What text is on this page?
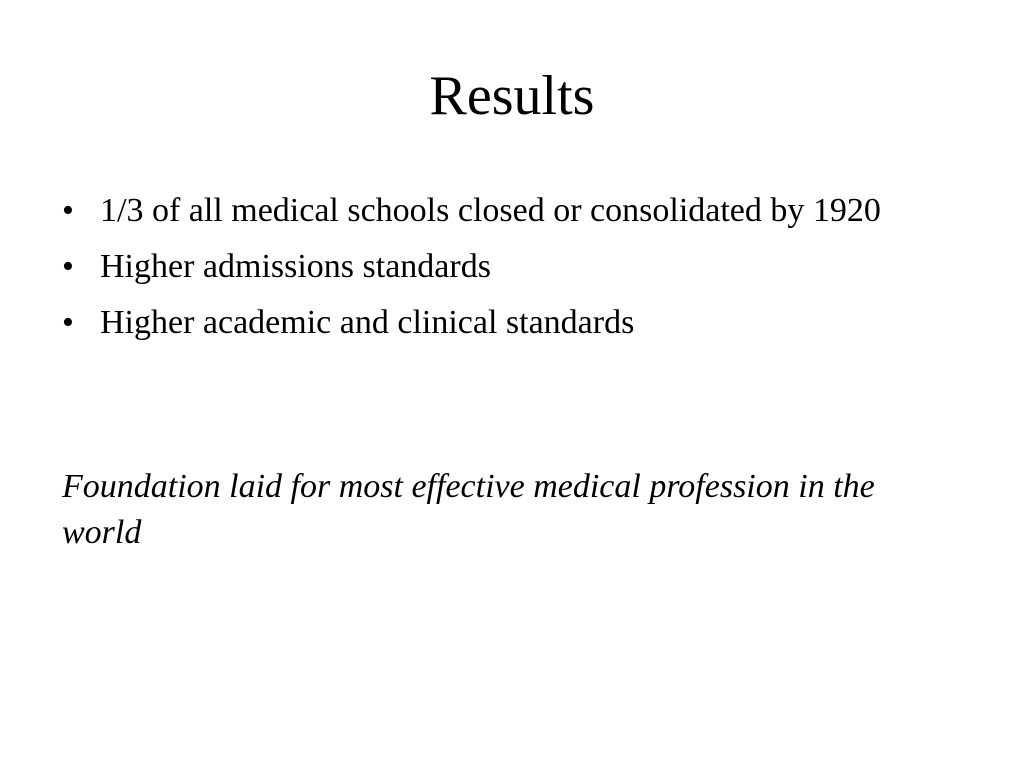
Results
• 1/3 of all medical schools closed or consolidated by 1920
• Higher admissions standards
• Higher academic and clinical standards

Foundation laid for most effective medical profession in the world
